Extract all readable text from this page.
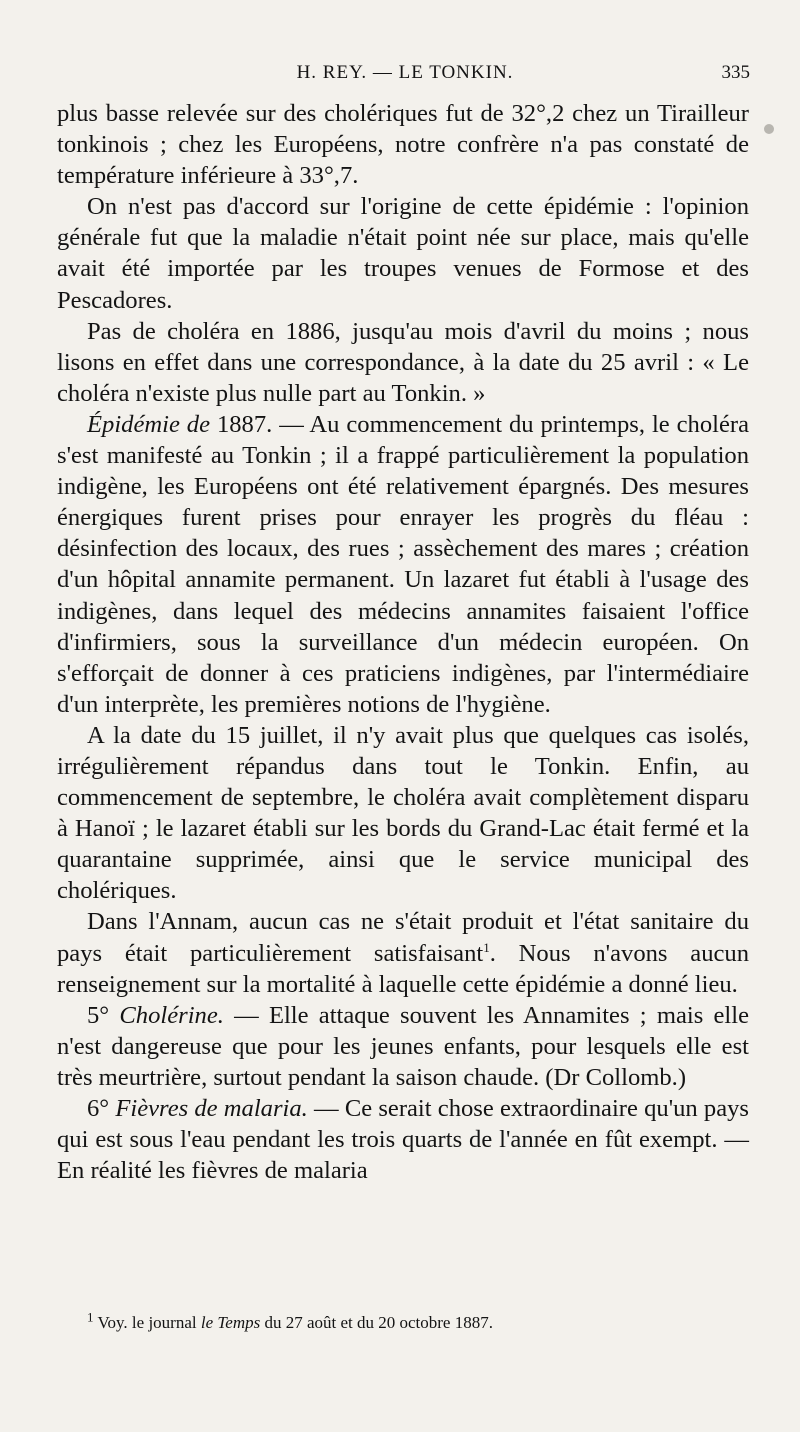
H. REY. — LE TONKIN.	335

plus basse relevée sur des cholériques fut de 32°,2 chez un Tirailleur tonkinois ; chez les Européens, notre confrère n'a pas constaté de température inférieure à 33°,7.

On n'est pas d'accord sur l'origine de cette épidémie : l'opinion générale fut que la maladie n'était point née sur place, mais qu'elle avait été importée par les troupes venues de Formose et des Pescadores.

Pas de choléra en 1886, jusqu'au mois d'avril du moins ; nous lisons en effet dans une correspondance, à la date du 25 avril : « Le choléra n'existe plus nulle part au Tonkin. »

Épidémie de 1887. — Au commencement du printemps, le choléra s'est manifesté au Tonkin ; il a frappé particulièrement la population indigène, les Européens ont été relativement épargnés. Des mesures énergiques furent prises pour enrayer les progrès du fléau : désinfection des locaux, des rues ; assèchement des mares ; création d'un hôpital annamite permanent. Un lazaret fut établi à l'usage des indigènes, dans lequel des médecins annamites faisaient l'office d'infirmiers, sous la surveillance d'un médecin européen. On s'efforçait de donner à ces praticiens indigènes, par l'intermédiaire d'un interprète, les premières notions de l'hygiène.

A la date du 15 juillet, il n'y avait plus que quelques cas isolés, irrégulièrement répandus dans tout le Tonkin. Enfin, au commencement de septembre, le choléra avait complètement disparu à Hanoï ; le lazaret établi sur les bords du Grand-Lac était fermé et la quarantaine supprimée, ainsi que le service municipal des cholériques.

Dans l'Annam, aucun cas ne s'était produit et l'état sanitaire du pays était particulièrement satisfaisant$^1$. Nous n'avons aucun renseignement sur la mortalité à laquelle cette épidémie a donné lieu.

5° Cholérine. — Elle attaque souvent les Annamites ; mais elle n'est dangereuse que pour les jeunes enfants, pour lesquels elle est très meurtrière, surtout pendant la saison chaude. (Dr Collomb.)

6° Fièvres de malaria. — Ce serait chose extraordinaire qu'un pays qui est sous l'eau pendant les trois quarts de l'année en fût exempt. — En réalité les fièvres de malaria

$^1$ Voy. le journal le Temps du 27 août et du 20 octobre 1887.
